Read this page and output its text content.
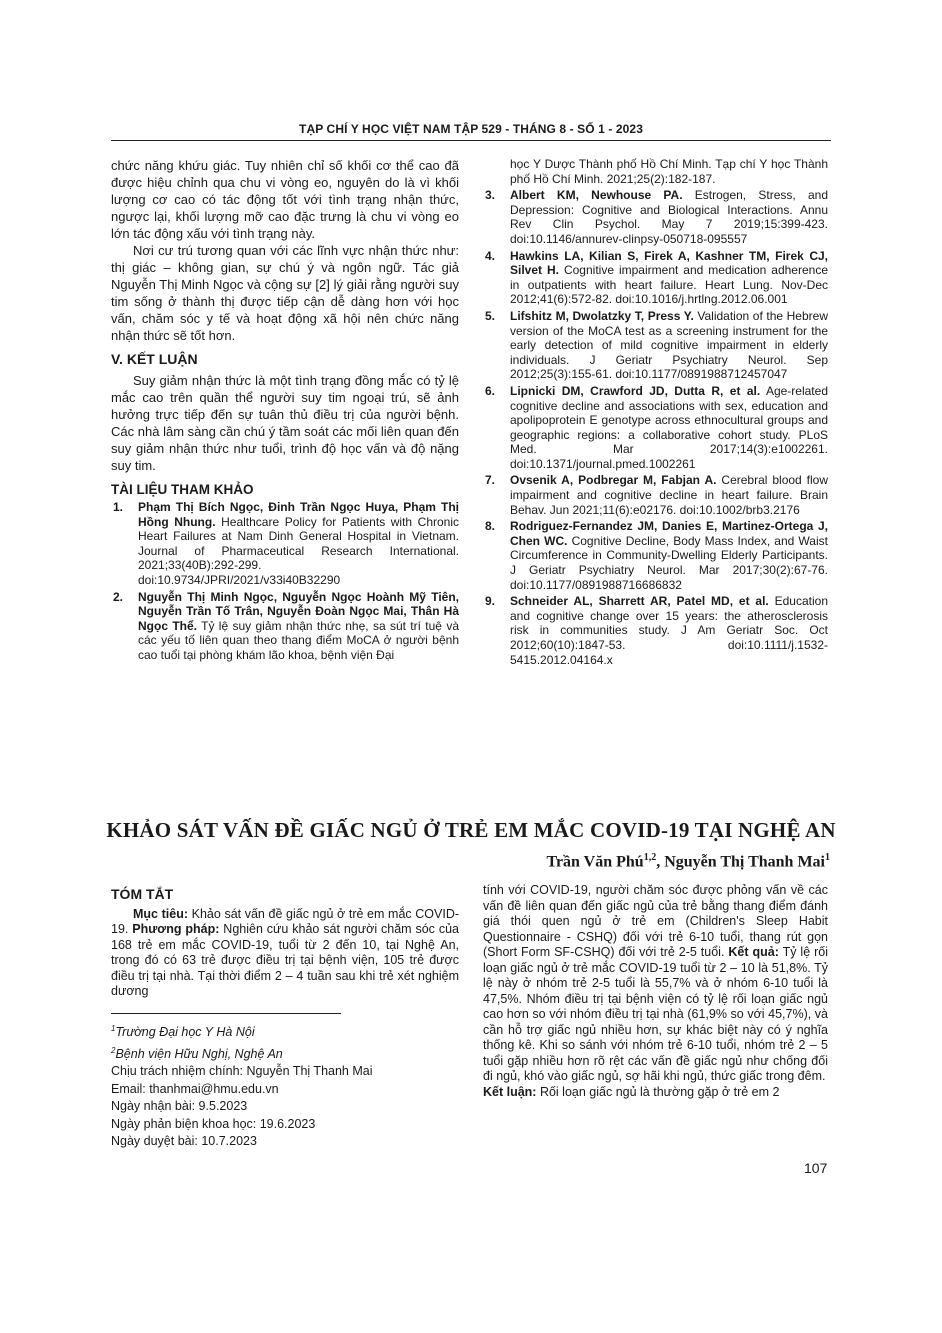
TẠP CHÍ Y HỌC VIỆT NAM TẬP 529 - THÁNG 8 - SỐ 1 - 2023

chức năng khứu giác. Tuy nhiên chỉ số khối cơ thể cao đã được hiệu chỉnh qua chu vi vòng eo, nguyên do là vì khối lượng cơ cao có tác động tốt với tình trạng nhận thức, ngược lại, khối lượng mỡ cao đặc trưng là chu vi vòng eo lớn tác động xấu với tình trạng này.

Nơi cư trú tương quan với các lĩnh vực nhận thức như: thị giác – không gian, sự chú ý và ngôn ngữ. Tác giả Nguyễn Thị Minh Ngọc và cộng sự [2] lý giải rằng người suy tim sống ở thành thị được tiếp cận dễ dàng hơn với học vấn, chăm sóc y tế và hoạt động xã hội nên chức năng nhận thức sẽ tốt hơn.

V. KẾT LUẬN

Suy giảm nhận thức là một tình trạng đồng mắc có tỷ lệ mắc cao trên quần thể người suy tim ngoại trú, sẽ ảnh hưởng trực tiếp đến sự tuân thủ điều trị của người bệnh. Các nhà lâm sàng cần chú ý tầm soát các mối liên quan đến suy giảm nhận thức như tuổi, trình độ học vấn và độ nặng suy tim.

TÀI LIỆU THAM KHẢO

1. Phạm Thị Bích Ngọc, Đinh Trần Ngọc Huya, Phạm Thị Hồng Nhung. Healthcare Policy for Patients with Chronic Heart Failures at Nam Dinh General Hospital in Vietnam. Journal of Pharmaceutical Research International. 2021;33(40B):292-299. doi:10.9734/JPRI/2021/v33i40B32290
2. Nguyễn Thị Minh Ngọc, Nguyễn Ngọc Hoành Mỹ Tiên, Nguyễn Trần Tố Trân, Nguyễn Đoàn Ngọc Mai, Thân Hà Ngọc Thể. Tỷ lệ suy giảm nhận thức nhẹ, sa sút trí tuệ và các yếu tố liên quan theo thang điểm MoCA ở người bệnh cao tuổi tại phòng khám lão khoa, bệnh viện Đại
học Y Dược Thành phố Hồ Chí Minh. Tạp chí Y học Thành phố Hồ Chí Minh. 2021;25(2):182-187.
3. Albert KM, Newhouse PA. Estrogen, Stress, and Depression: Cognitive and Biological Interactions. Annu Rev Clin Psychol. May 7 2019;15:399-423. doi:10.1146/annurev-clinpsy-050718-095557
4. Hawkins LA, Kilian S, Firek A, Kashner TM, Firek CJ, Silvet H. Cognitive impairment and medication adherence in outpatients with heart failure. Heart Lung. Nov-Dec 2012;41(6):572-82. doi:10.1016/j.hrtlng.2012.06.001
5. Lifshitz M, Dwolatzky T, Press Y. Validation of the Hebrew version of the MoCA test as a screening instrument for the early detection of mild cognitive impairment in elderly individuals. J Geriatr Psychiatry Neurol. Sep 2012;25(3):155-61. doi:10.1177/0891988712457047
6. Lipnicki DM, Crawford JD, Dutta R, et al. Age-related cognitive decline and associations with sex, education and apolipoprotein E genotype across ethnocultural groups and geographic regions: a collaborative cohort study. PLoS Med. Mar 2017;14(3):e1002261. doi:10.1371/journal.pmed.1002261
7. Ovsenik A, Podbregar M, Fabjan A. Cerebral blood flow impairment and cognitive decline in heart failure. Brain Behav. Jun 2021;11(6):e02176. doi:10.1002/brb3.2176
8. Rodriguez-Fernandez JM, Danies E, Martinez-Ortega J, Chen WC. Cognitive Decline, Body Mass Index, and Waist Circumference in Community-Dwelling Elderly Participants. J Geriatr Psychiatry Neurol. Mar 2017;30(2):67-76. doi:10.1177/0891988716686832
9. Schneider AL, Sharrett AR, Patel MD, et al. Education and cognitive change over 15 years: the atherosclerosis risk in communities study. J Am Geriatr Soc. Oct 2012;60(10):1847-53. doi:10.1111/j.1532-5415.2012.04164.x
KHẢO SÁT VẤN ĐỀ GIẤC NGỦ Ở TRẺ EM MẮC COVID-19 TẠI NGHỆ AN
Trần Văn Phú$^{1,2}$, Nguyễn Thị Thanh Mai$^1$

TÓM TẮT

Mục tiêu: Khảo sát vấn đề giấc ngủ ở trẻ em mắc COVID-19. Phương pháp: Nghiên cứu khảo sát người chăm sóc của 168 trẻ em mắc COVID-19, tuổi từ 2 đến 10, tại Nghệ An, trong đó có 63 trẻ được điều trị tại bệnh viện, 105 trẻ được điều trị tại nhà. Tại thời điểm 2 – 4 tuần sau khi trẻ xét nghiệm dương

tính với COVID-19, người chăm sóc được phỏng vấn về các vấn đề liên quan đến giấc ngủ của trẻ bằng thang điểm đánh giá thói quen ngủ ở trẻ em (Children's Sleep Habit Questionnaire - CSHQ) đối với trẻ 6-10 tuổi, thang rút gọn (Short Form SF-CSHQ) đối với trẻ 2-5 tuổi. Kết quả: Tỷ lệ rối loạn giấc ngủ ở trẻ mắc COVID-19 tuổi từ 2 – 10 là 51,8%. Tỷ lệ này ở nhóm trẻ 2-5 tuổi là 55,7% và ở nhóm 6-10 tuổi là 47,5%. Nhóm điều trị tại bệnh viện có tỷ lệ rối loạn giấc ngủ cao hơn so với nhóm điều trị tại nhà (61,9% so với 45,7%), và cần hỗ trợ giấc ngủ nhiều hơn, sự khác biệt này có ý nghĩa thống kê. Khi so sánh với nhóm trẻ 6-10 tuổi, nhóm trẻ 2 – 5 tuổi gặp nhiều hơn rõ rệt các vấn đề giấc ngủ như chống đối đi ngủ, khó vào giấc ngủ, sợ hãi khi ngủ, thức giấc trong đêm.

Kết luận: Rối loạn giấc ngủ là thường gặp ở trẻ em 2

$^1$Trường Đại học Y Hà Nội
$^2$Bệnh viện Hữu Nghị, Nghệ An
Chịu trách nhiệm chính: Nguyễn Thị Thanh Mai
Email: thanhmai@hmu.edu.vn
Ngày nhận bài: 9.5.2023
Ngày phản biện khoa học: 19.6.2023
Ngày duyệt bài: 10.7.2023
107
